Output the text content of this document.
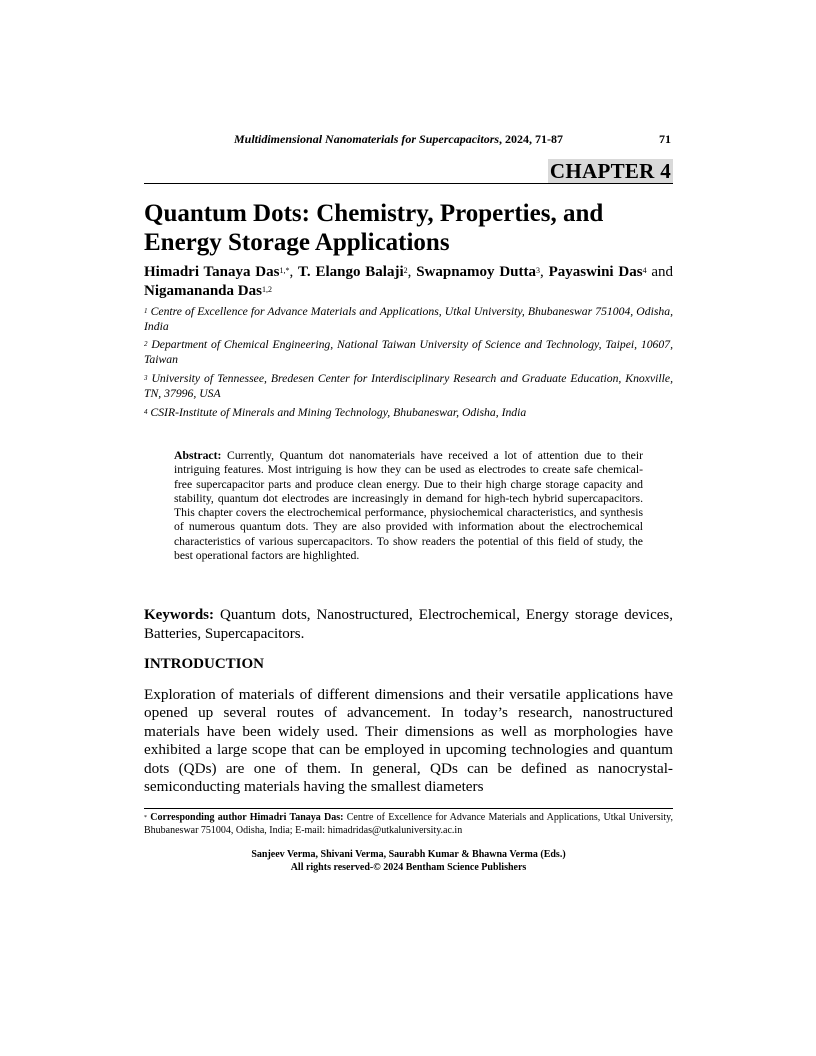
Multidimensional Nanomaterials for Supercapacitors, 2024, 71-87	71
CHAPTER 4
Quantum Dots: Chemistry, Properties, and Energy Storage Applications
Himadri Tanaya Das$^{1,*}$, T. Elango Balaji$^2$, Swapnamoy Dutta$^3$, Payaswini Das$^4$ and Nigamananda Das$^{1,2}$
$^1$ Centre of Excellence for Advance Materials and Applications, Utkal University, Bhubaneswar 751004, Odisha, India
$^2$ Department of Chemical Engineering, National Taiwan University of Science and Technology, Taipei, 10607, Taiwan
$^3$ University of Tennessee, Bredesen Center for Interdisciplinary Research and Graduate Education, Knoxville, TN, 37996, USA
$^4$ CSIR-Institute of Minerals and Mining Technology, Bhubaneswar, Odisha, India
Abstract: Currently, Quantum dot nanomaterials have received a lot of attention due to their intriguing features. Most intriguing is how they can be used as electrodes to create safe chemical-free supercapacitor parts and produce clean energy. Due to their high charge storage capacity and stability, quantum dot electrodes are increasingly in demand for high-tech hybrid supercapacitors. This chapter covers the electrochemical performance, physiochemical characteristics, and synthesis of numerous quantum dots. They are also provided with information about the electrochemical characteristics of various supercapacitors. To show readers the potential of this field of study, the best operational factors are highlighted.
Keywords: Quantum dots, Nanostructured, Electrochemical, Energy storage devices, Batteries, Supercapacitors.
INTRODUCTION
Exploration of materials of different dimensions and their versatile applications have opened up several routes of advancement. In today’s research, nanostructured materials have been widely used. Their dimensions as well as morphologies have exhibited a large scope that can be employed in upcoming technologies and quantum dots (QDs) are one of them. In general, QDs can be defined as nanocrystal-semiconducting materials having the smallest diameters
* Corresponding author Himadri Tanaya Das: Centre of Excellence for Advance Materials and Applications, Utkal University, Bhubaneswar 751004, Odisha, India; E-mail: himadridas@utkaluniversity.ac.in
Sanjeev Verma, Shivani Verma, Saurabh Kumar & Bhawna Verma (Eds.)
All rights reserved-© 2024 Bentham Science Publishers
